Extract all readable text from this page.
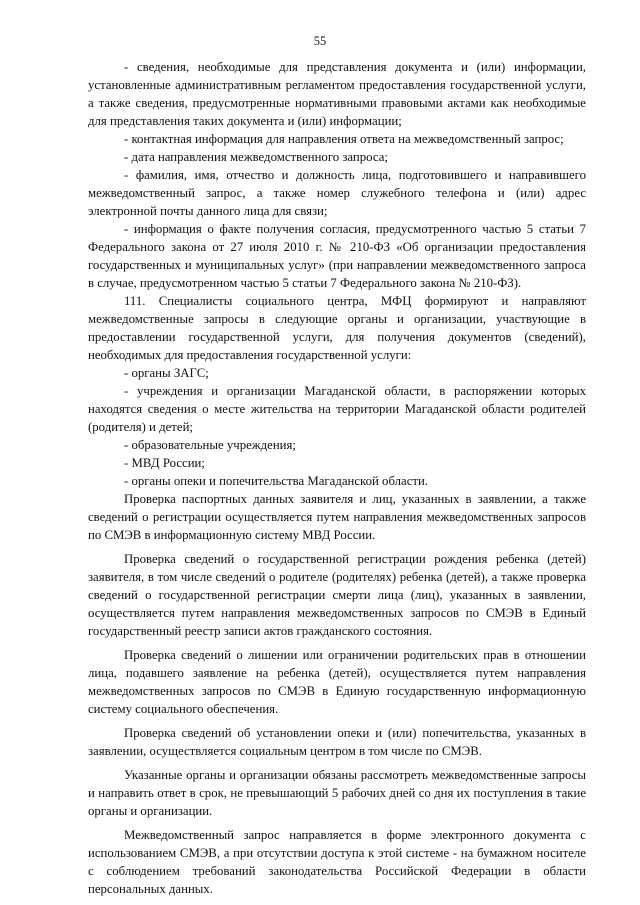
55

- сведения, необходимые для представления документа и (или) информации, установленные административным регламентом предоставления государственной услуги, а также сведения, предусмотренные нормативными правовыми актами как необходимые для представления таких документа и (или) информации;

- контактная информация для направления ответа на межведомственный запрос;

- дата направления межведомственного запроса;

- фамилия, имя, отчество и должность лица, подготовившего и направившего межведомственный запрос, а также номер служебного телефона и (или) адрес электронной почты данного лица для связи;

- информация о факте получения согласия, предусмотренного частью 5 статьи 7 Федерального закона от 27 июля 2010 г. № 210-ФЗ «Об организации предоставления государственных и муниципальных услуг» (при направлении межведомственного запроса в случае, предусмотренном частью 5 статьи 7 Федерального закона № 210-ФЗ).

111. Специалисты социального центра, МФЦ формируют и направляют межведомственные запросы в следующие органы и организации, участвующие в предоставлении государственной услуги, для получения документов (сведений), необходимых для предоставления государственной услуги:

- органы ЗАГС;

- учреждения и организации Магаданской области, в распоряжении которых находятся сведения о месте жительства на территории Магаданской области родителей (родителя) и детей;

- образовательные учреждения;

- МВД России;

- органы опеки и попечительства Магаданской области.

Проверка паспортных данных заявителя и лиц, указанных в заявлении, а также сведений о регистрации осуществляется путем направления межведомственных запросов по СМЭВ в информационную систему МВД России.

Проверка сведений о государственной регистрации рождения ребенка (детей) заявителя, в том числе сведений о родителе (родителях) ребенка (детей), а также проверка сведений о государственной регистрации смерти лица (лиц), указанных в заявлении, осуществляется путем направления межведомственных запросов по СМЭВ в Единый государственный реестр записи актов гражданского состояния.

Проверка сведений о лишении или ограничении родительских прав в отношении лица, подавшего заявление на ребенка (детей), осуществляется путем направления межведомственных запросов по СМЭВ в Единую государственную информационную систему социального обеспечения.

Проверка сведений об установлении опеки и (или) попечительства, указанных в заявлении, осуществляется социальным центром в том числе по СМЭВ.

Указанные органы и организации обязаны рассмотреть межведомственные запросы и направить ответ в срок, не превышающий 5 рабочих дней со дня их поступления в такие органы и организации.

Межведомственный запрос направляется в форме электронного документа с использованием СМЭВ, а при отсутствии доступа к этой системе - на бумажном носителе с соблюдением требований законодательства Российской Федерации в области персональных данных.
